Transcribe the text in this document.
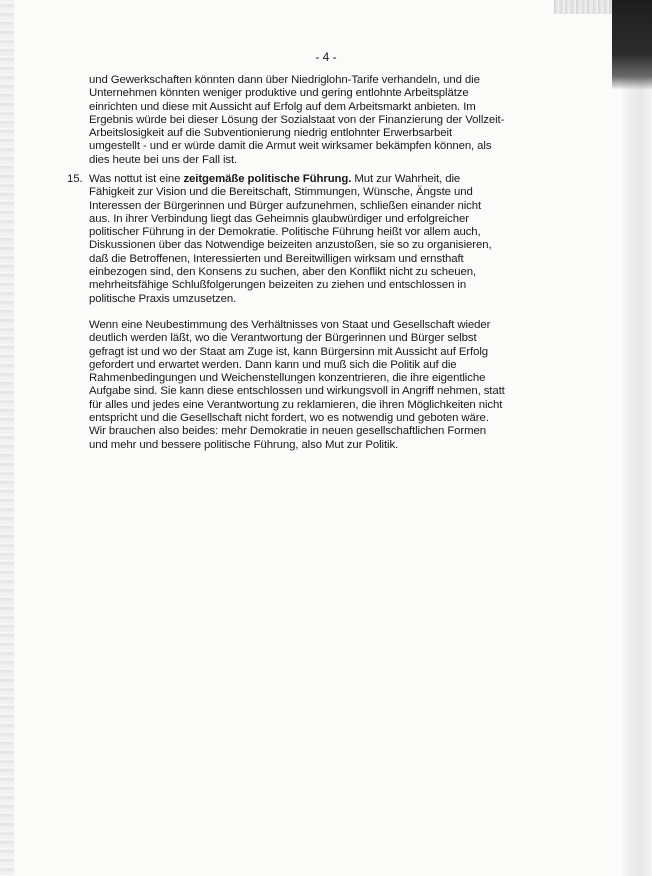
- 4 -

und Gewerkschaften könnten dann über Niedriglohn-Tarife verhandeln, und die Unternehmen könnten weniger produktive und gering entlohnte Arbeitsplätze einrichten und diese mit Aussicht auf Erfolg auf dem Arbeitsmarkt anbieten. Im Ergebnis würde bei dieser Lösung der Sozialstaat von der Finanzierung der Vollzeit-Arbeitslosigkeit auf die Subventionierung niedrig entlohnter Erwerbsarbeit umgestellt - und er würde damit die Armut weit wirksamer bekämpfen können, als dies heute bei uns der Fall ist.

15. Was nottut ist eine zeitgemäße politische Führung. Mut zur Wahrheit, die Fähigkeit zur Vision und die Bereitschaft, Stimmungen, Wünsche, Ängste und Interessen der Bürgerinnen und Bürger aufzunehmen, schließen einander nicht aus. In ihrer Verbindung liegt das Geheimnis glaubwürdiger und erfolgreicher politischer Führung in der Demokratie. Politische Führung heißt vor allem auch, Diskussionen über das Notwendige beizeiten anzustoßen, sie so zu organisieren, daß die Betroffenen, Interessierten und Bereitwilligen wirksam und ernsthaft einbezogen sind, den Konsens zu suchen, aber den Konflikt nicht zu scheuen, mehrheitsfähige Schlußfolgerungen beizeiten zu ziehen und entschlossen in politische Praxis umzusetzen.

Wenn eine Neubestimmung des Verhältnisses von Staat und Gesellschaft wieder deutlich werden läßt, wo die Verantwortung der Bürgerinnen und Bürger selbst gefragt ist und wo der Staat am Zuge ist, kann Bürgersinn mit Aussicht auf Erfolg gefordert und erwartet werden. Dann kann und muß sich die Politik auf die Rahmenbedingungen und Weichenstellungen konzentrieren, die ihre eigentliche Aufgabe sind. Sie kann diese entschlossen und wirkungsvoll in Angriff nehmen, statt für alles und jedes eine Verantwortung zu reklamieren, die ihren Möglichkeiten nicht entspricht und die Gesellschaft nicht fordert, wo es notwendig und geboten wäre. Wir brauchen also beides: mehr Demokratie in neuen gesellschaftlichen Formen und mehr und bessere politische Führung, also Mut zur Politik.
